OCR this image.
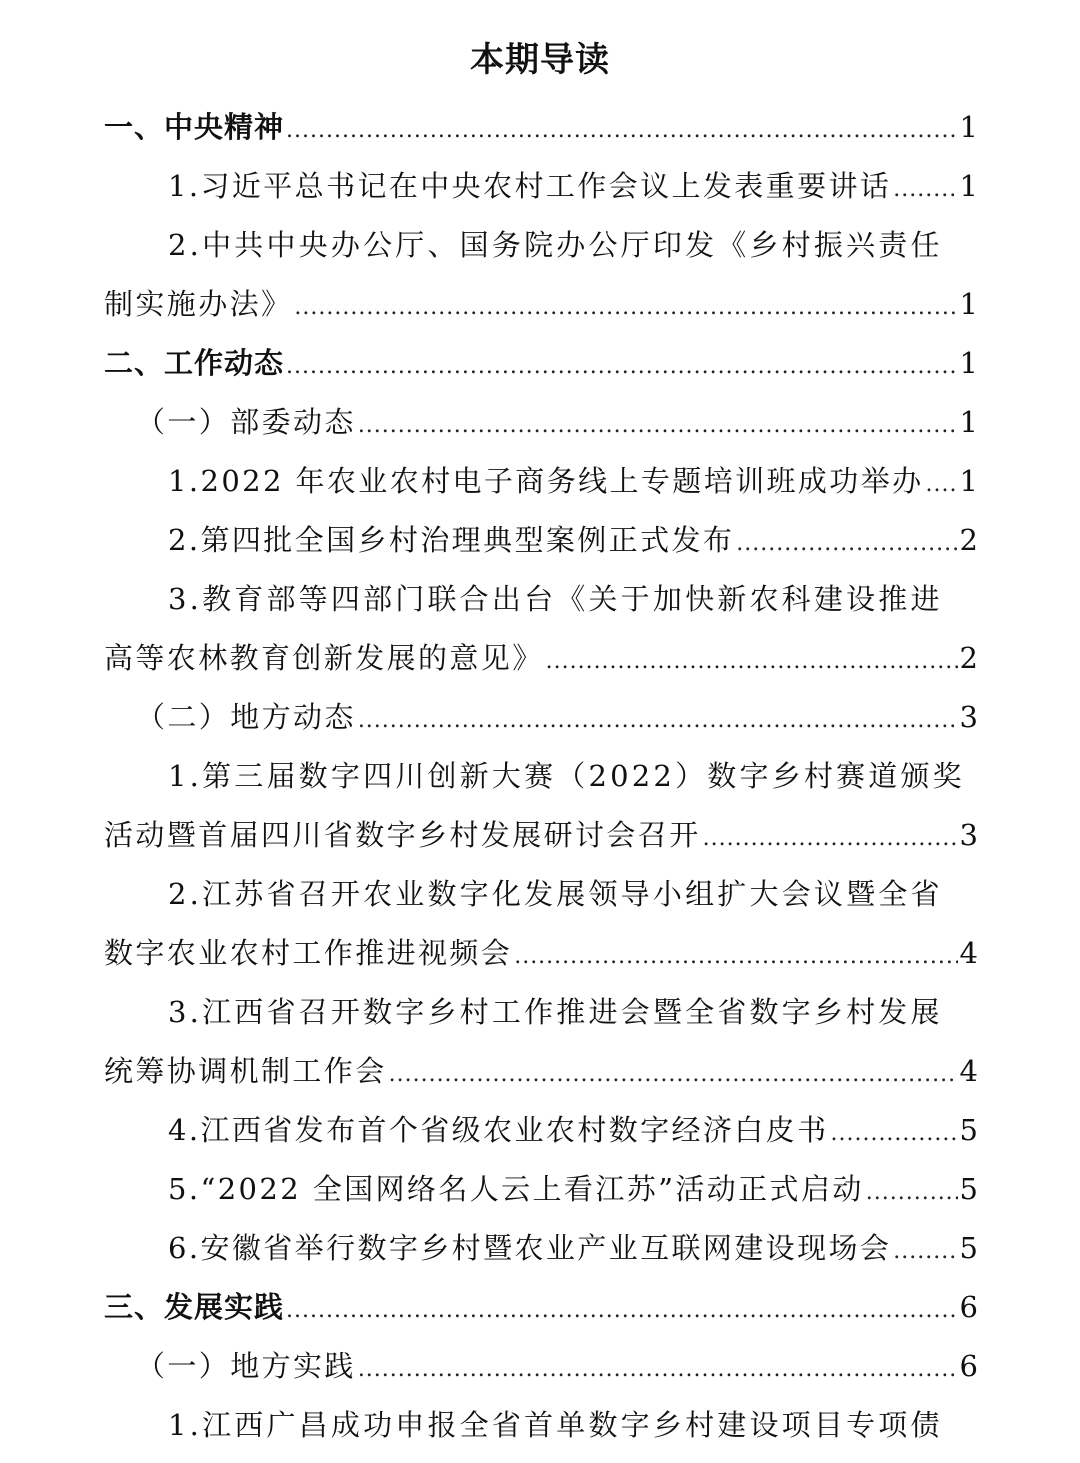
本期导读
一、中央精神 .....	1
1.习近平总书记在中央农村工作会议上发表重要讲话 ..... 1
2.中共中央办公厅、国务院办公厅印发《乡村振兴责任
制实施办法》 .....	1
二、工作动态 .....	1
（一）部委动态 .....	1
1.2022 年农业农村电子商务线上专题培训班成功举办 ..... 1
2.第四批全国乡村治理典型案例正式发布 .....	2
3.教育部等四部门联合出台《关于加快新农科建设推进
高等农林教育创新发展的意见》 .....	2
（二）地方动态 .....	3
1.第三届数字四川创新大赛（2022）数字乡村赛道颁奖
活动暨首届四川省数字乡村发展研讨会召开 .....	3
2.江苏省召开农业数字化发展领导小组扩大会议暨全省
数字农业农村工作推进视频会 .....	4
3.江西省召开数字乡村工作推进会暨全省数字乡村发展
统筹协调机制工作会 .....	4
4.江西省发布首个省级农业农村数字经济白皮书 .....	5
5.“2022 全国网络名人云上看江苏”活动正式启动 .....	5
6.安徽省举行数字乡村暨农业产业互联网建设现场会 ..... 5
三、发展实践 .....	6
（一）地方实践 .....	6
1.江西广昌成功申报全省首单数字乡村建设项目专项债
